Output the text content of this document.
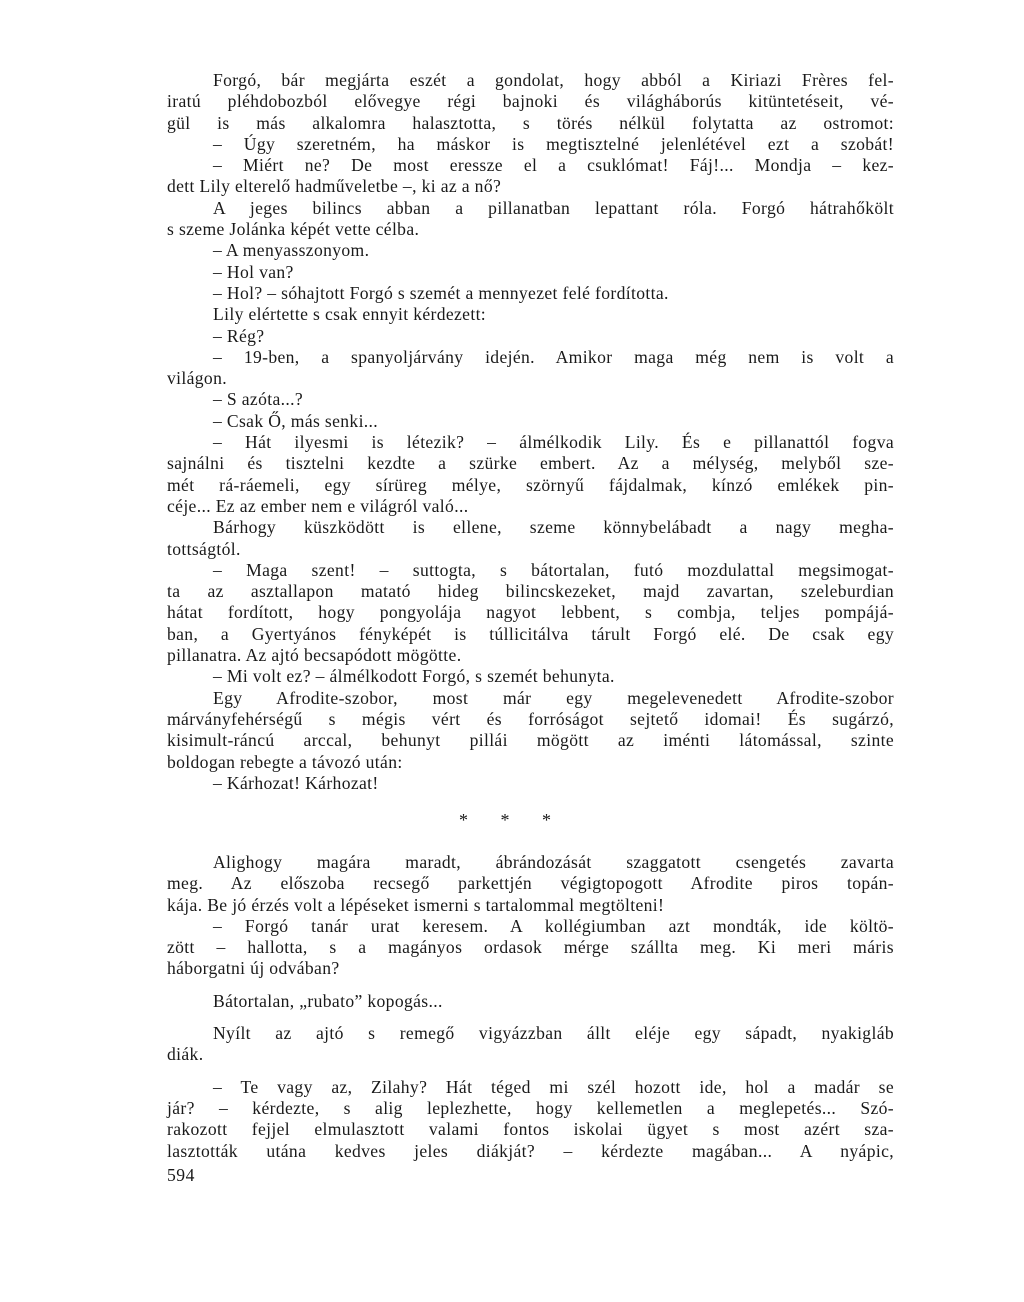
Forgó, bár megjárta eszét a gondolat, hogy abból a Kiriazi Frères fel-
iratú pléhdobozból elővegye régi bajnoki és világháborús kitüntetéseit, vé-
gül is más alkalomra halasztotta, s törés nélkül folytatta az ostromot:
– Úgy szeretném, ha máskor is megtisztelné jelenlétével ezt a szobát!
– Miért ne? De most eressze el a csuklómat! Fáj!... Mondja – kez-
dett Lily elterelő hadműveletbe –, ki az a nő?
A jeges bilincs abban a pillanatban lepattant róla. Forgó hátrahőkölt
s szeme Jolánka képét vette célba.
– A menyasszonyom.
– Hol van?
– Hol? – sóhajtott Forgó s szemét a mennyezet felé fordította.
Lily elértette s csak ennyit kérdezett:
– Rég?
– 19-ben, a spanyoljárvány idején. Amikor maga még nem is volt a
világon.
– S azóta...?
– Csak Ő, más senki...
– Hát ilyesmi is létezik? – álmélkodik Lily. És e pillanattól fogva
sajnálni és tisztelni kezdte a szürke embert. Az a mélység, melyből sze-
mét rá-ráemeli, egy sírüreg mélye, szörnyű fájdalmak, kínzó emlékek pin-
céje... Ez az ember nem e világról való...
Bárhogy küszködött is ellene, szeme könnybelábadt a nagy megha-
tottságtól.
– Maga szent! – suttogta, s bátortalan, futó mozdulattal megsimogat-
ta az asztallapon matató hideg bilincskezeket, majd zavartan, szeleburdian
hátat fordított, hogy pongyolája nagyot lebbent, s combja, teljes pompájá-
ban, a Gyertyános fényképét is túllicitálva tárult Forgó elé. De csak egy
pillanatra. Az ajtó becsapódott mögötte.
– Mi volt ez? – álmélkodott Forgó, s szemét behunyta.
Egy Afrodite-szobor, most már egy megelevenedett Afrodite-szobor
márványfehérségű s mégis vért és forróságot sejtető idomai! És sugárzó,
kisimult-ráncú arccal, behunyt pillái mögött az iménti látomással, szinte
boldogan rebegte a távozó után:
– Kárhozat! Kárhozat!
* * *
Alighogy magára maradt, ábrándozását szaggatott csengetés zavarta
meg. Az előszoba recsegő parkettjén végigtopogott Afrodite piros topán-
kája. Be jó érzés volt a lépéseket ismerni s tartalommal megtölteni!
– Forgó tanár urat keresem. A kollégiumban azt mondták, ide költö-
zött – hallotta, s a magányos ordasok mérge szállta meg. Ki meri máris
háborgatni új odvában?
Bátortalan, „rubato” kopogás...
Nyílt az ajtó s remegő vigyázzban állt eléje egy sápadt, nyakigláb
diák.
– Te vagy az, Zilahy? Hát téged mi szél hozott ide, hol a madár se
jár? – kérdezte, s alig leplezhette, hogy kellemetlen a meglepetés... Szó-
rakozott fejjel elmulasztott valami fontos iskolai ügyet s most azért sza-
lasztották utána kedves jeles diákját? – kérdezte magában... A nyápic,
594
